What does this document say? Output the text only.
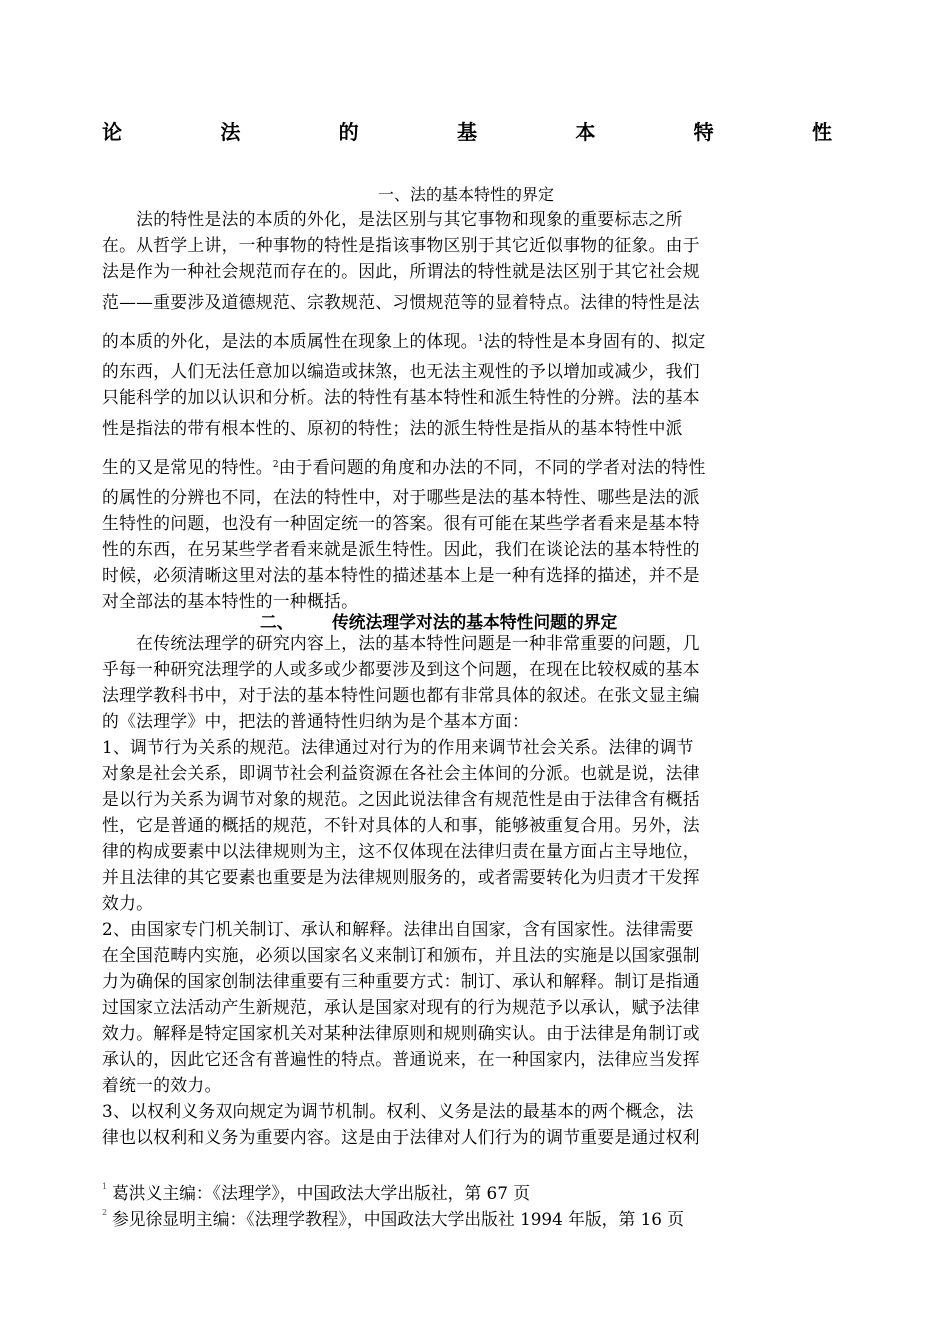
论	法	的	基	本	特	性
一、法的基本特性的界定
　　法的特性是法的本质的外化，是法区别与其它事物和现象的重要标志之所
在。从哲学上讲，一种事物的特性是指该事物区别于其它近似事物的征象。由于
法是作为一种社会规范而存在的。因此，所谓法的特性就是法区别于其它社会规
范——重要涉及道德规范、宗教规范、习惯规范等的显着特点。法律的特性是法
的本质的外化，是法的本质属性在现象上的体现。$^1$法的特性是本身固有的、拟定
的东西，人们无法任意加以编造或抹煞，也无法主观性的予以增加或减少，我们
只能科学的加以认识和分析。法的特性有基本特性和派生特性的分辨。法的基本
性是指法的带有根本性的、原初的特性；法的派生特性是指从的基本特性中派
生的又是常见的特性。$^2$由于看问题的角度和办法的不同，不同的学者对法的特性
的属性的分辨也不同，在法的特性中，对于哪些是法的基本特性、哪些是法的派
生特性的问题，也没有一种固定统一的答案。很有可能在某些学者看来是基本特
性的东西，在另某些学者看来就是派生特性。因此，我们在谈论法的基本特性的
时候，必须清晰这里对法的基本特性的描述基本上是一种有选择的描述，并不是
对全部法的基本特性的一种概括。
二、 传统法理学对法的基本特性问题的界定
　　在传统法理学的研究内容上，法的基本特性问题是一种非常重要的问题，几
乎每一种研究法理学的人或多或少都要涉及到这个问题，在现在比较权威的基本
法理学教科书中，对于法的基本特性问题也都有非常具体的叙述。在张文显主编
的《法理学》中，把法的普通特性归纳为是个基本方面：
1、调节行为关系的规范。法律通过对行为的作用来调节社会关系。法律的调节
对象是社会关系，即调节社会利益资源在各社会主体间的分派。也就是说，法律
是以行为关系为调节对象的规范。之因此说法律含有规范性是由于法律含有概括
性，它是普通的概括的规范，不针对具体的人和事，能够被重复合用。另外，法
律的构成要素中以法律规则为主，这不仅体现在法律归责在量方面占主导地位，
并且法律的其它要素也重要是为法律规则服务的，或者需要转化为归责才干发挥
效力。
2、由国家专门机关制订、承认和解释。法律出自国家，含有国家性。法律需要
在全国范畴内实施，必须以国家名义来制订和颁布，并且法的实施是以国家强制
力为确保的国家创制法律重要有三种重要方式：制订、承认和解释。制订是指通
过国家立法活动产生新规范，承认是国家对现有的行为规范予以承认，赋予法律
效力。解释是特定国家机关对某种法律原则和规则确实认。由于法律是角制订或
承认的，因此它还含有普遍性的特点。普通说来，在一种国家内，法律应当发挥
着统一的效力。
3、以权利义务双向规定为调节机制。权利、义务是法的最基本的两个概念，法
律也以权利和义务为重要内容。这是由于法律对人们行为的调节重要是通过权利
1 葛洪义主编：《法理学》，中国政法大学出版社，第 67 页
2 参见徐显明主编：《法理学教程》，中国政法大学出版社 1994 年版，第 16 页
